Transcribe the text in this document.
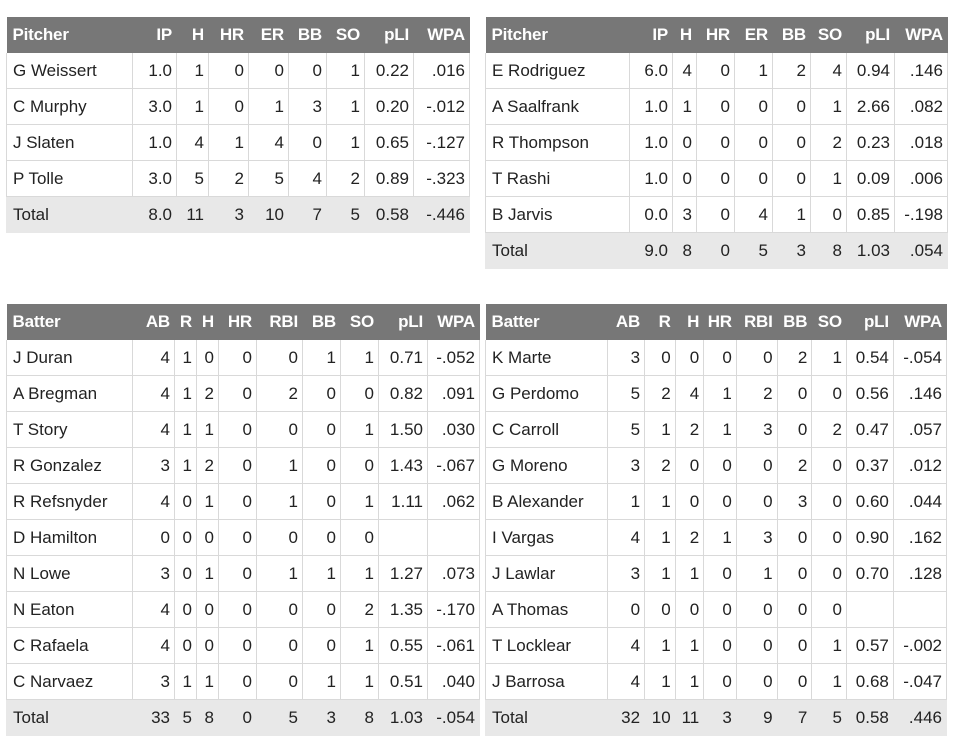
Pitcher	IP	H	HR	ER	BB	SO	pLI	WPA
G Weissert	1.0	1	0	0	0	1	0.22	.016
C Murphy	3.0	1	0	1	3	1	0.20	-.012
J Slaten	1.0	4	1	4	0	1	0.65	-.127
P Tolle	3.0	5	2	5	4	2	0.89	-.323
Total	8.0	11	3	10	7	5	0.58	-.446
Pitcher	IP	H	HR	ER	BB	SO	pLI	WPA
E Rodriguez	6.0	4	0	1	2	4	0.94	.146
A Saalfrank	1.0	1	0	0	0	1	2.66	.082
R Thompson	1.0	0	0	0	0	2	0.23	.018
T Rashi	1.0	0	0	0	0	1	0.09	.006
B Jarvis	0.0	3	0	4	1	0	0.85	-.198
Total	9.0	8	0	5	3	8	1.03	.054
Batter	AB	R	H	HR	RBI	BB	SO	pLI	WPA
J Duran	4	1	0	0	0	1	1	0.71	-.052
A Bregman	4	1	2	0	2	0	0	0.82	.091
T Story	4	1	1	0	0	0	1	1.50	.030
R Gonzalez	3	1	2	0	1	0	0	1.43	-.067
R Refsnyder	4	0	1	0	1	0	1	1.11	.062
D Hamilton	0	0	0	0	0	0	0		
N Lowe	3	0	1	0	1	1	1	1.27	.073
N Eaton	4	0	0	0	0	0	2	1.35	-.170
C Rafaela	4	0	0	0	0	0	1	0.55	-.061
C Narvaez	3	1	1	0	0	1	1	0.51	.040
Total	33	5	8	0	5	3	8	1.03	-.054
Batter	AB	R	H	HR	RBI	BB	SO	pLI	WPA
K Marte	3	0	0	0	0	2	1	0.54	-.054
G Perdomo	5	2	4	1	2	0	0	0.56	.146
C Carroll	5	1	2	1	3	0	2	0.47	.057
G Moreno	3	2	0	0	0	2	0	0.37	.012
B Alexander	1	1	0	0	0	3	0	0.60	.044
I Vargas	4	1	2	1	3	0	0	0.90	.162
J Lawlar	3	1	1	0	1	0	0	0.70	.128
A Thomas	0	0	0	0	0	0	0		
T Locklear	4	1	1	0	0	0	1	0.57	-.002
J Barrosa	4	1	1	0	0	0	1	0.68	-.047
Total	32	10	11	3	9	7	5	0.58	.446
